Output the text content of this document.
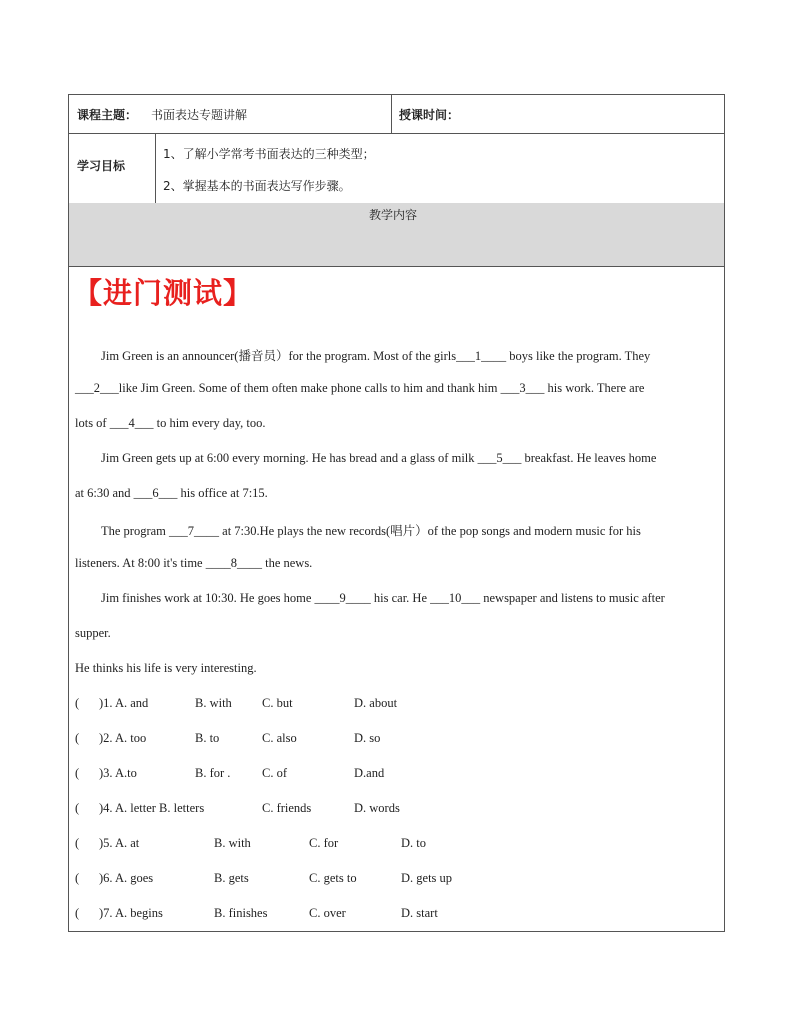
课程主题： 书面表达专题讲解	授课时间：
学习目标
1、了解小学常考书面表达的三种类型；
2、掌握基本的书面表达写作步骤。
教学内容
【进门测试】
Jim Green is an announcer(播音员）for the program. Most of the girls___1____ boys like the program. They
___2___like Jim Green. Some of them often make phone calls to him and thank him ___3___ his work. There are
lots of ___4___ to him every day, too.
Jim Green gets up at 6:00 every morning. He has bread and a glass of milk ___5___ breakfast. He leaves home
at 6:30 and ___6___ his office at 7:15.
The program ___7____ at 7:30.He plays the new records(唱片）of the pop songs and modern music for his
listeners. At 8:00 it's time ____8____ the news.
Jim finishes work at 10:30. He goes home ____9____ his car. He ___10___ newspaper and listens to music after
supper.
He thinks his life is very interesting.
( )1. A. and	B. with C. but	D. about
( )2. A. too	B. to	C. also	D. so
( )3. A.to	B. for .	C. of	D.and
( )4. A. letter B. letters	C. friends	D. words
( )5. A. at	B. with	C. for	D. to
( )6. A. goes	B. gets	C. gets to	D. gets up
( )7. A. begins	B. finishes	C. over	D. start
